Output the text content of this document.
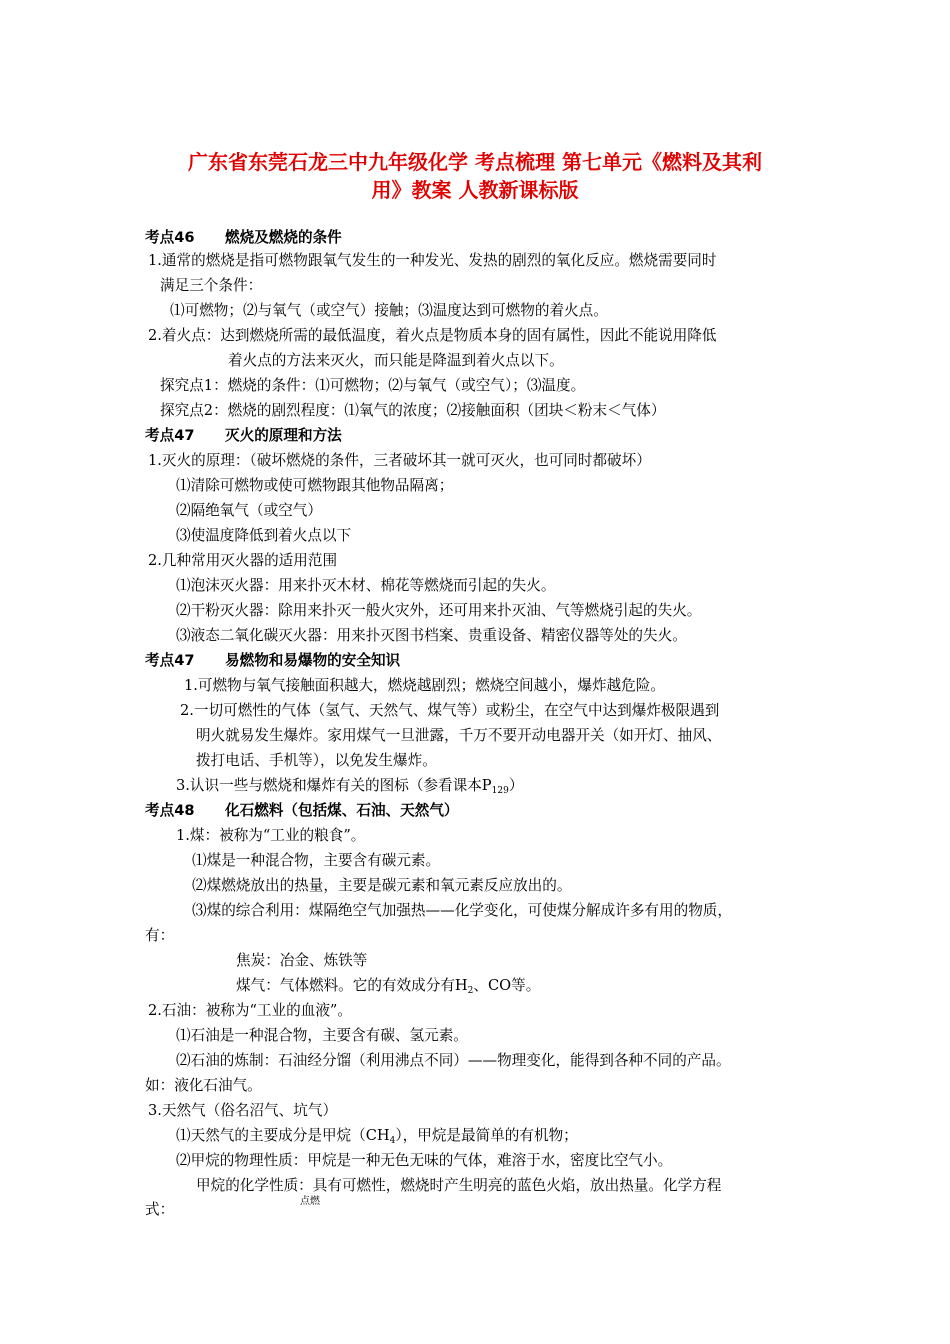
广东省东莞石龙三中九年级化学 考点梳理 第七单元《燃料及其利
用》教案 人教新课标版
考点46 燃烧及燃烧的条件
1.通常的燃烧是指可燃物跟氧气发生的一种发光、发热的剧烈的氧化反应。燃烧需要同时
满足三个条件：
⑴可燃物；⑵与氧气（或空气）接触；⑶温度达到可燃物的着火点。
2.着火点：达到燃烧所需的最低温度，着火点是物质本身的固有属性，因此不能说用降低
着火点的方法来灭火，而只能是降温到着火点以下。
探究点1：燃烧的条件：⑴可燃物；⑵与氧气（或空气）；⑶温度。
探究点2：燃烧的剧烈程度：⑴氧气的浓度；⑵接触面积（团块＜粉末＜气体）
考点47 灭火的原理和方法
1.灭火的原理：（破坏燃烧的条件，三者破坏其一就可灭火，也可同时都破坏）
⑴清除可燃物或使可燃物跟其他物品隔离；
⑵隔绝氧气（或空气）
⑶使温度降低到着火点以下
2.几种常用灭火器的适用范围
⑴泡沫灭火器：用来扑灭木材、棉花等燃烧而引起的失火。
⑵干粉灭火器：除用来扑灭一般火灾外，还可用来扑灭油、气等燃烧引起的失火。
⑶液态二氧化碳灭火器：用来扑灭图书档案、贵重设备、精密仪器等处的失火。
考点47 易燃物和易爆物的安全知识
1.可燃物与氧气接触面积越大，燃烧越剧烈；燃烧空间越小，爆炸越危险。
2.一切可燃性的气体（氢气、天然气、煤气等）或粉尘，在空气中达到爆炸极限遇到
明火就易发生爆炸。家用煤气一旦泄露，千万不要开动电器开关（如开灯、抽风、
拨打电话、手机等），以免发生爆炸。
3.认识一些与燃烧和爆炸有关的图标（参看课本$P_{129}$）
考点48 化石燃料（包括煤、石油、天然气）
1.煤：被称为“工业的粮食”。
⑴煤是一种混合物，主要含有碳元素。
⑵煤燃烧放出的热量，主要是碳元素和氧元素反应放出的。
⑶煤的综合利用：煤隔绝空气加强热——化学变化，可使煤分解成许多有用的物质，
有：
焦炭：冶金、炼铁等
煤气：气体燃料。它的有效成分有$H_2$、CO等。
2.石油：被称为“工业的血液”。
⑴石油是一种混合物，主要含有碳、氢元素。
⑵石油的炼制：石油经分馏（利用沸点不同）——物理变化，能得到各种不同的产品。
如：液化石油气。
3.天然气（俗名沼气、坑气）
⑴天然气的主要成分是甲烷$(CH_4)$，甲烷是最简单的有机物；
⑵甲烷的物理性质：甲烷是一种无色无味的气体，难溶于水，密度比空气小。
甲烷的化学性质：具有可燃性，燃烧时产生明亮的蓝色火焰，放出热量。化学方程
式：	点燃
